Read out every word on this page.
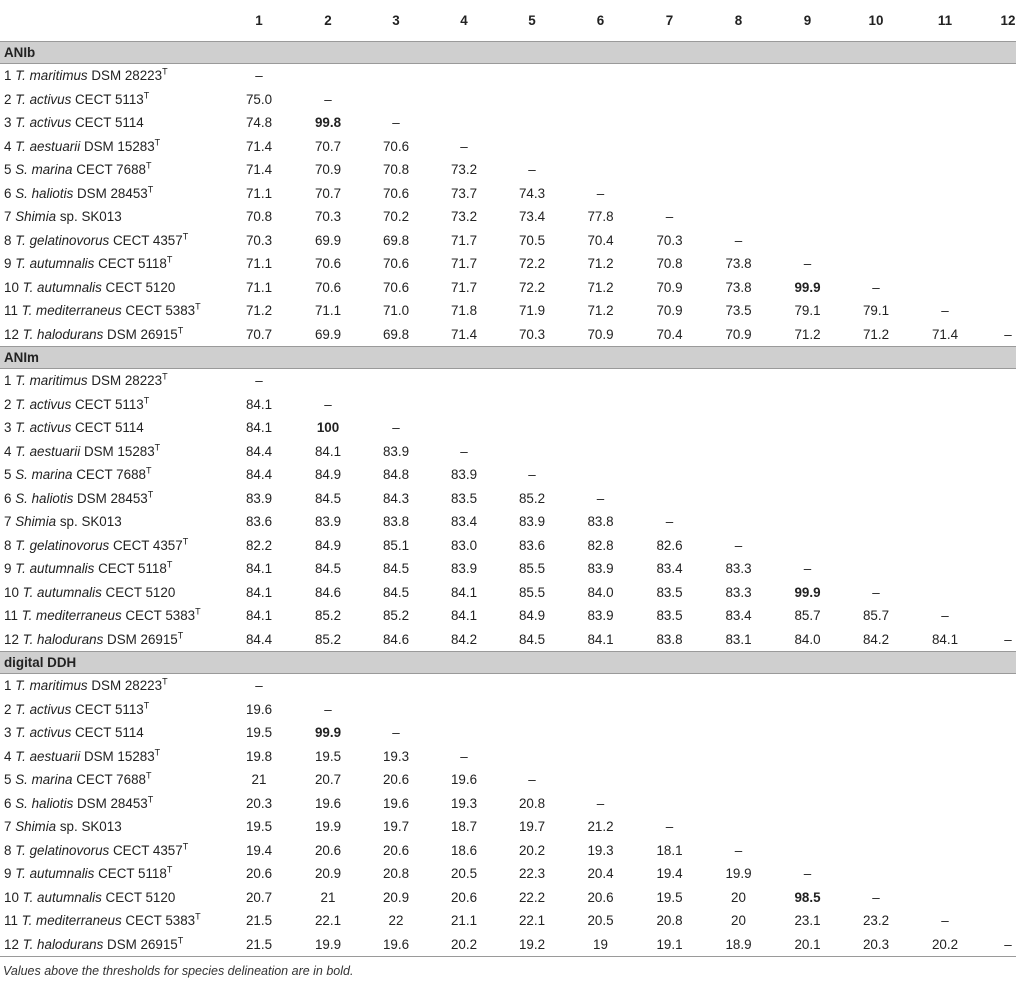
	1	2	3	4	5	6	7	8	9	10	11	12
ANIb												
1 T. maritimus DSM $28223^T$	–											
2 T. activus CECT $5113^T$	75.0	–										
3 T. activus CECT 5114	74.8	99.8	–									
4 T. aestuarii DSM $15283^T$	71.4	70.7	70.6	–								
5 S. marina CECT $7688^T$	71.4	70.9	70.8	73.2	–							
6 S. haliotis DSM $28453^T$	71.1	70.7	70.6	73.7	74.3	–						
7 Shimia sp. SK013	70.8	70.3	70.2	73.2	73.4	77.8	–					
8 T. gelatinovorus CECT $4357^T$	70.3	69.9	69.8	71.7	70.5	70.4	70.3	–				
9 T. autumnalis CECT $5118^T$	71.1	70.6	70.6	71.7	72.2	71.2	70.8	73.8	–			
10 T. autumnalis CECT 5120	71.1	70.6	70.6	71.7	72.2	71.2	70.9	73.8	99.9	–		
11 T. mediterraneus CECT $5383^T$	71.2	71.1	71.0	71.8	71.9	71.2	70.9	73.5	79.1	79.1	–	
12 T. halodurans DSM $26915^T$	70.7	69.9	69.8	71.4	70.3	70.9	70.4	70.9	71.2	71.2	71.4	–
ANIm												
1 T. maritimus DSM $28223^T$	–											
2 T. activus CECT $5113^T$	84.1	–										
3 T. activus CECT 5114	84.1	100	–									
4 T. aestuarii DSM $15283^T$	84.4	84.1	83.9	–								
5 S. marina CECT $7688^T$	84.4	84.9	84.8	83.9	–							
6 S. haliotis DSM $28453^T$	83.9	84.5	84.3	83.5	85.2	–						
7 Shimia sp. SK013	83.6	83.9	83.8	83.4	83.9	83.8	–					
8 T. gelatinovorus CECT $4357^T$	82.2	84.9	85.1	83.0	83.6	82.8	82.6	–				
9 T. autumnalis CECT $5118^T$	84.1	84.5	84.5	83.9	85.5	83.9	83.4	83.3	–			
10 T. autumnalis CECT 5120	84.1	84.6	84.5	84.1	85.5	84.0	83.5	83.3	99.9	–		
11 T. mediterraneus CECT $5383^T$	84.1	85.2	85.2	84.1	84.9	83.9	83.5	83.4	85.7	85.7	–	
12 T. halodurans DSM $26915^T$	84.4	85.2	84.6	84.2	84.5	84.1	83.8	83.1	84.0	84.2	84.1	–
digital DDH												
1 T. maritimus DSM $28223^T$	–											
2 T. activus CECT $5113^T$	19.6	–										
3 T. activus CECT 5114	19.5	99.9	–									
4 T. aestuarii DSM $15283^T$	19.8	19.5	19.3	–								
5 S. marina CECT $7688^T$	21	20.7	20.6	19.6	–							
6 S. haliotis DSM $28453^T$	20.3	19.6	19.6	19.3	20.8	–						
7 Shimia sp. SK013	19.5	19.9	19.7	18.7	19.7	21.2	–					
8 T. gelatinovorus CECT $4357^T$	19.4	20.6	20.6	18.6	20.2	19.3	18.1	–				
9 T. autumnalis CECT $5118^T$	20.6	20.9	20.8	20.5	22.3	20.4	19.4	19.9	–			
10 T. autumnalis CECT 5120	20.7	21	20.9	20.6	22.2	20.6	19.5	20	98.5	–		
11 T. mediterraneus CECT $5383^T$	21.5	22.1	22	21.1	22.1	20.5	20.8	20	23.1	23.2	–	
12 T. halodurans DSM $26915^T$	21.5	19.9	19.6	20.2	19.2	19	19.1	18.9	20.1	20.3	20.2	–
Values above the thresholds for species delineation are in bold.
